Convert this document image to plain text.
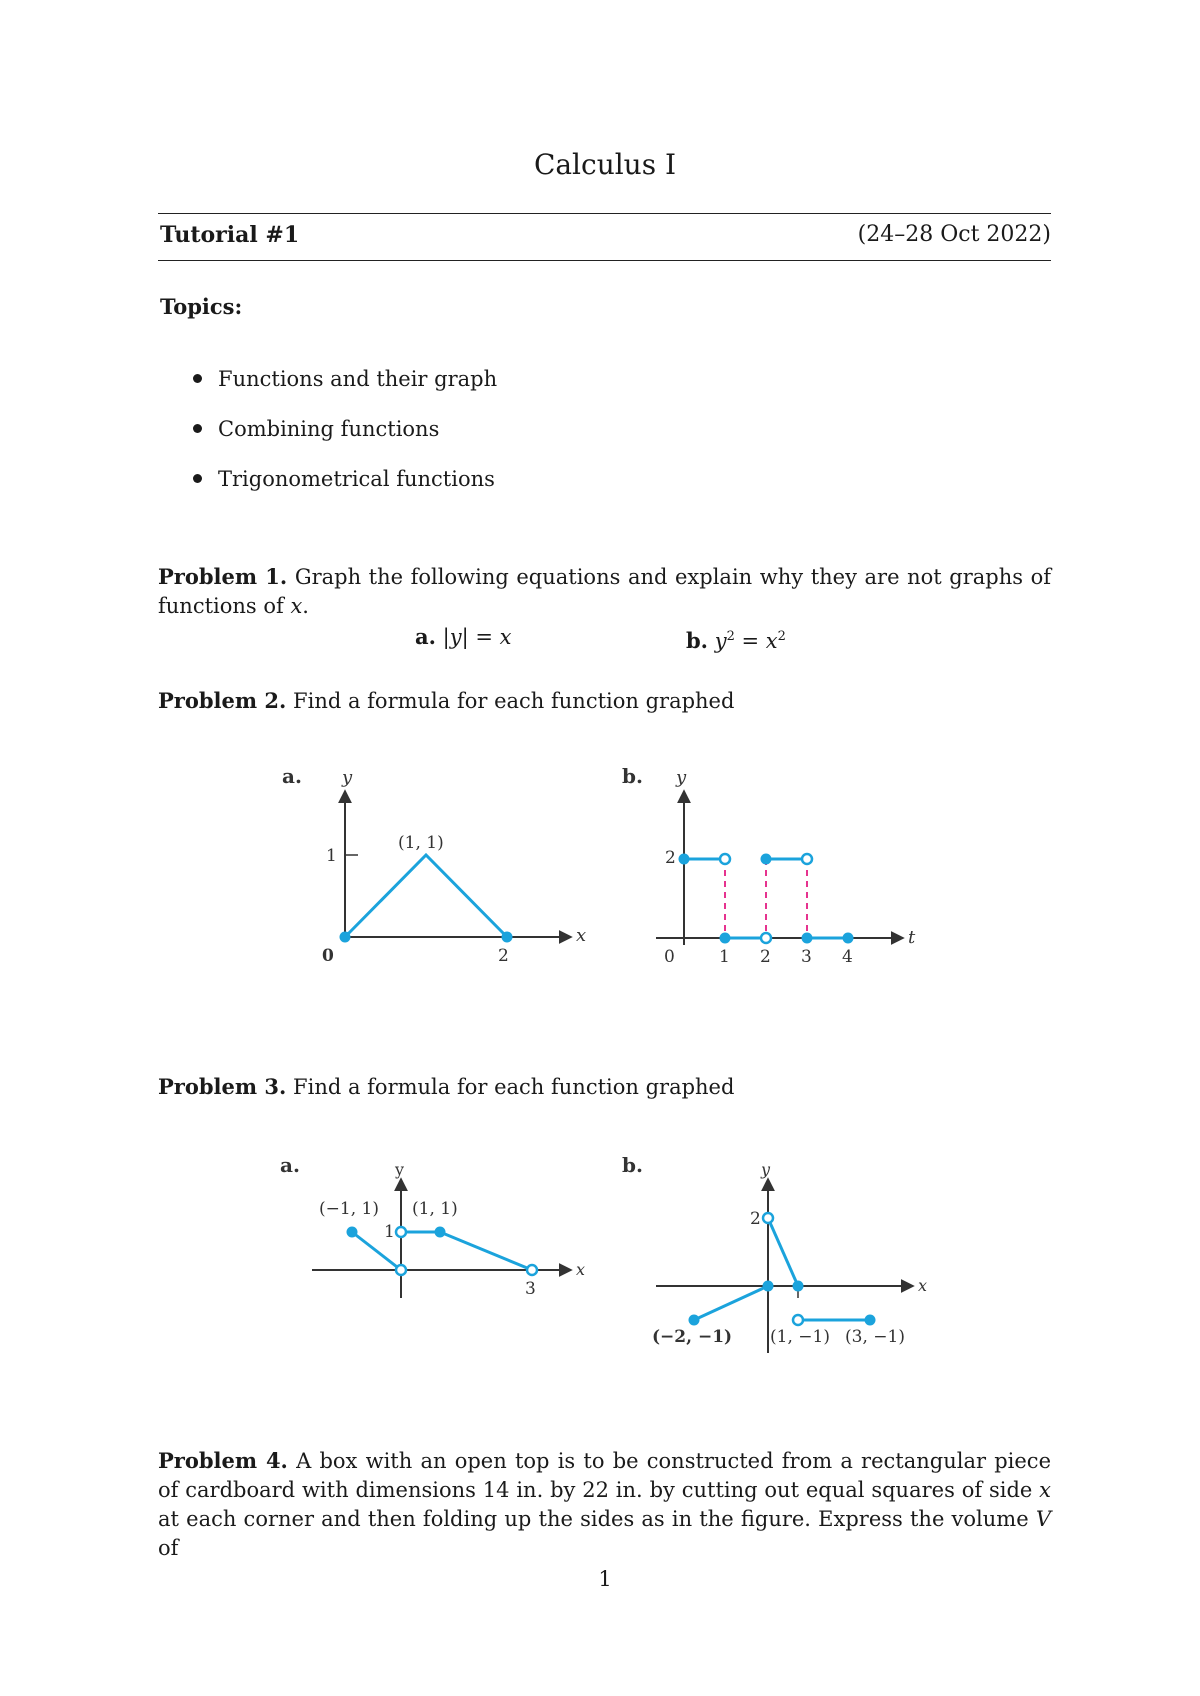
Calculus I
Tutorial #1	(24–28 Oct 2022)
Topics:
Functions and their graph
Combining functions
Trigonometrical functions
Problem 1. Graph the following equations and explain why they are not graphs of functions of x.
a. |y| = x	b. $y^2 = x^2$
Problem 2. Find a formula for each function graphed
a. y
x
1
0	2
(1, 1)
b. y
t
2
0	1 2 3 4
Problem 3. Find a formula for each function graphed
a.	y
x
1
3
(−1, 1) (1, 1)
b.	y
x
2
(−2, −1) (1, −1) (3, −1)
Problem 4. A box with an open top is to be constructed from a rectangular piece of cardboard with dimensions 14 in. by 22 in. by cutting out equal squares of side x at each corner and then folding up the sides as in the figure. Express the volume V of
1
